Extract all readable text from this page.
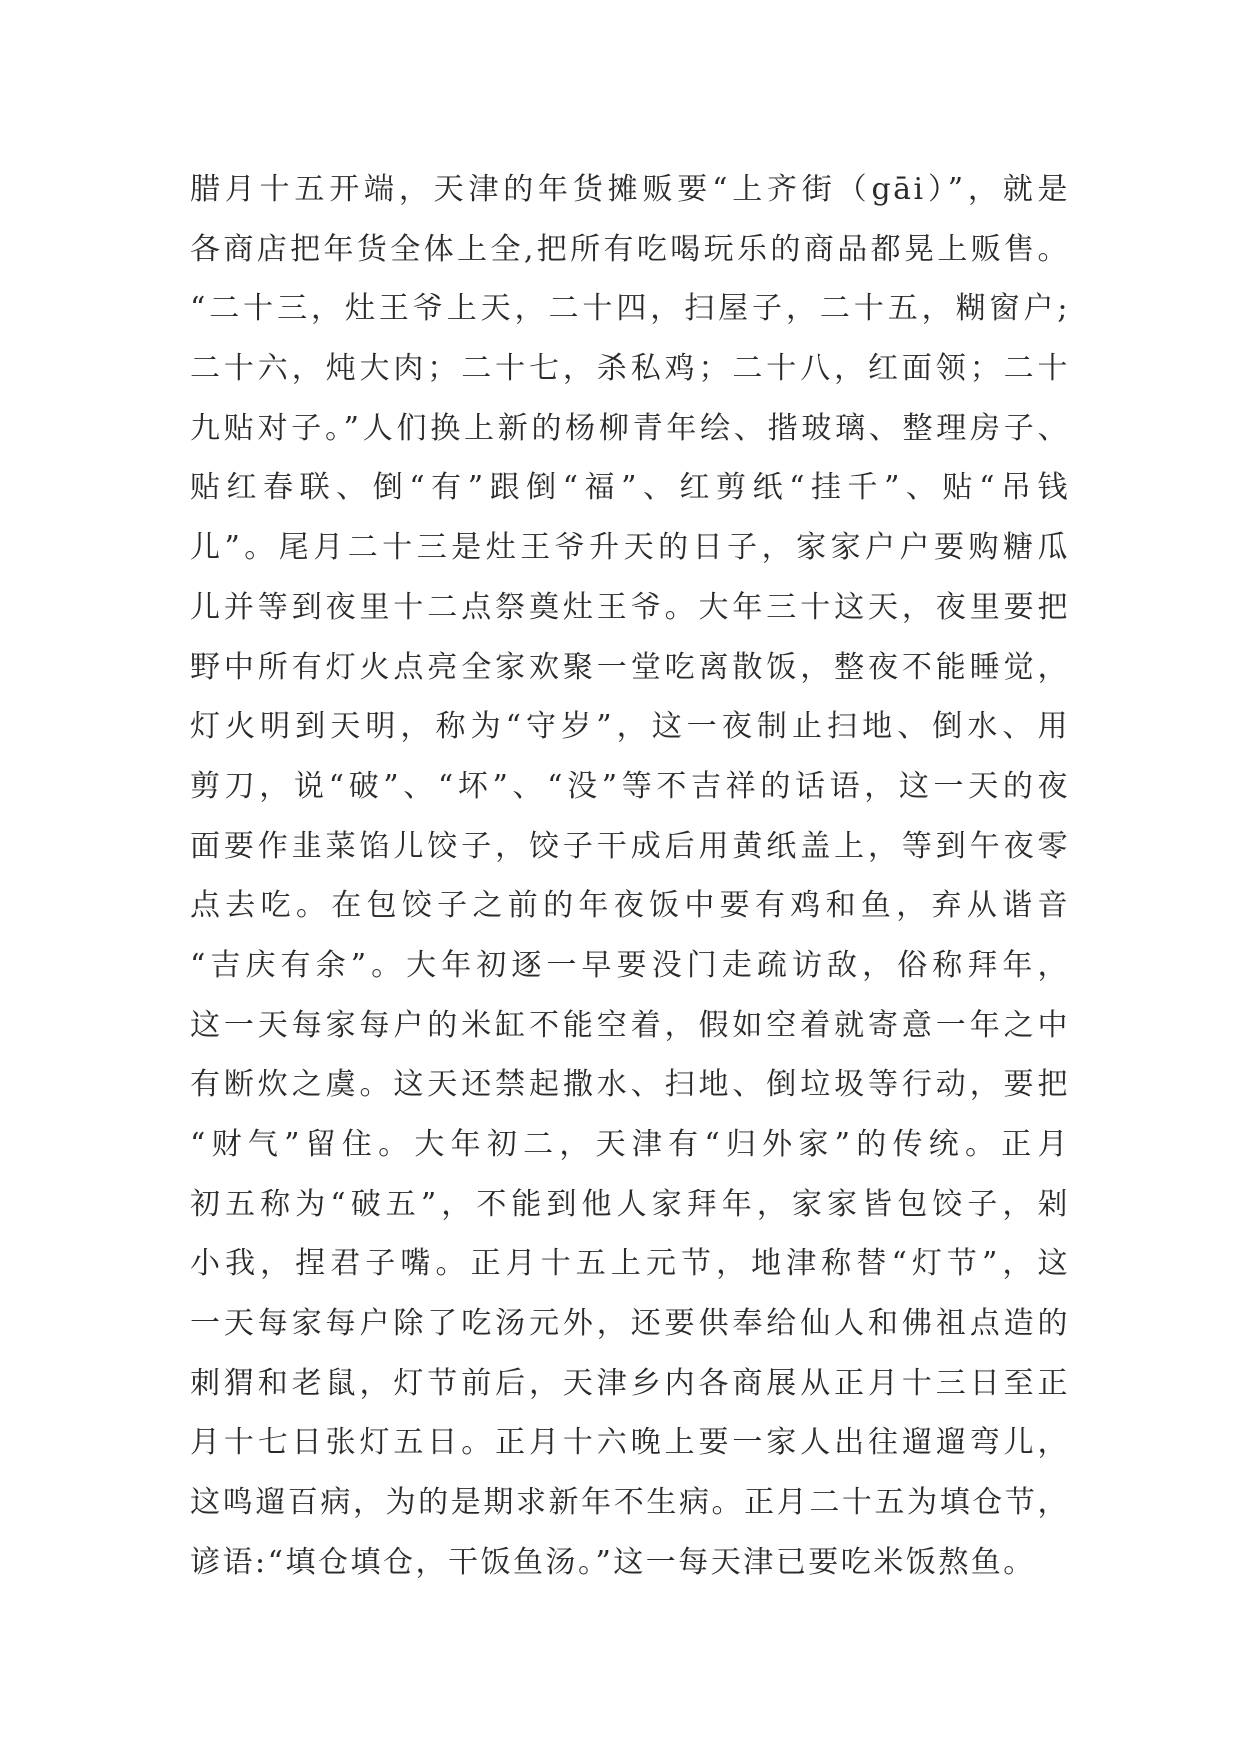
腊月十五开端，天津的年货摊贩要“上齐街（gāi）”，就是
各商店把年货全体上全,把所有吃喝玩乐的商品都晃上贩售。
“二十三，灶王爷上天，二十四，扫屋子，二十五，糊窗户;
二十六，炖大肉；二十七，杀私鸡；二十八，红面领；二十
九贴对子。”人们换上新的杨柳青年绘、揩玻璃、整理房子、
贴红春联、倒“有”跟倒“福”、红剪纸“挂千”、贴“吊钱
儿”。尾月二十三是灶王爷升天的日子，家家户户要购糖瓜
儿并等到夜里十二点祭奠灶王爷。大年三十这天，夜里要把
野中所有灯火点亮全家欢聚一堂吃离散饭，整夜不能睡觉，
灯火明到天明，称为“守岁”，这一夜制止扫地、倒水、用
剪刀，说“破”、“坏”、“没”等不吉祥的话语，这一天的夜
面要作韭菜馅儿饺子，饺子干成后用黄纸盖上，等到午夜零
点去吃。在包饺子之前的年夜饭中要有鸡和鱼，弃从谐音
“吉庆有余”。大年初逐一早要没门走疏访敌，俗称拜年，
这一天每家每户的米缸不能空着，假如空着就寄意一年之中
有断炊之虞。这天还禁起撒水、扫地、倒垃圾等行动，要把
“财气”留住。大年初二，天津有“归外家”的传统。正月
初五称为“破五”，不能到他人家拜年，家家皆包饺子，剁
小我，捏君子嘴。正月十五上元节，地津称替“灯节”，这
一天每家每户除了吃汤元外，还要供奉给仙人和佛祖点造的
刺猬和老鼠，灯节前后，天津乡内各商展从正月十三日至正
月十七日张灯五日。正月十六晚上要一家人出往遛遛弯儿，
这鸣遛百病，为的是期求新年不生病。正月二十五为填仓节，
谚语:“填仓填仓，干饭鱼汤。”这一每天津已要吃米饭熬鱼。
